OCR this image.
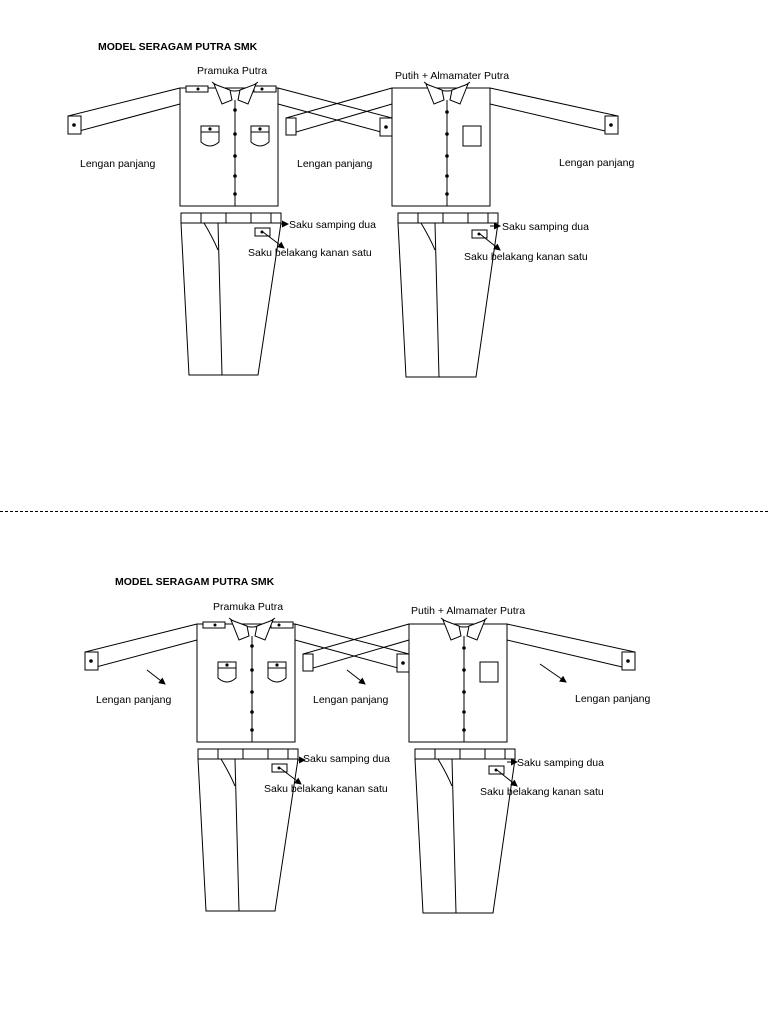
MODEL SERAGAM PUTRA SMK
Pramuka Putra	Putih + Almamater Putra
Lengan panjang	Lengan panjang	Lengan panjang
Saku samping dua	Saku samping dua
Saku belakang kanan satu	Saku belakang kanan satu
MODEL SERAGAM PUTRA SMK
Pramuka Putra	Putih + Almamater Putra
Lengan panjang	Lengan panjang	Lengan panjang
Saku samping dua	Saku samping dua
Saku belakang kanan satu	Saku belakang kanan satu
